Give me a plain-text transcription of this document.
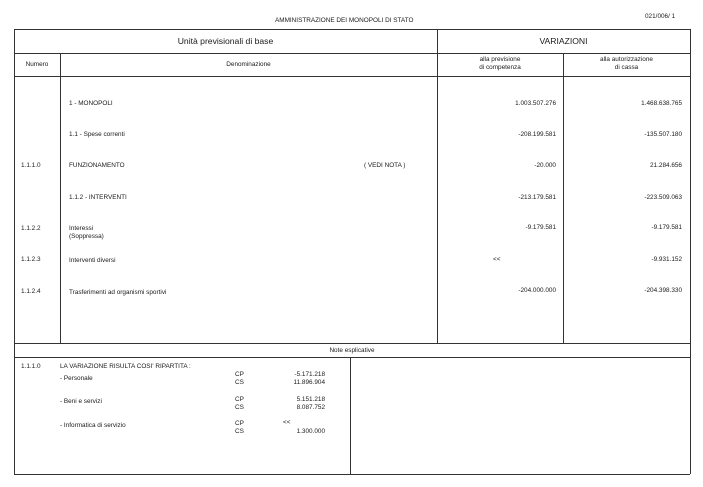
AMMINISTRAZIONE DEI MONOPOLI DI STATO
021/006/ 1
Unità previsionali di base	VARIAZIONI
Numero	Denominazione
alla previsione
di competenza
alla autorizzazione
di cassa
1 - MONOPOLI	1.003.507.276	1.468.638.765
1.1 - Spese correnti	-208.199.581	-135.507.180
1.1.1.0	FUNZIONAMENTO	( VEDI NOTA )	-20.000	21.284.656
1.1.2 - INTERVENTI	-213.179.581	-223.509.063
1.1.2.2	Interessi
(Soppressa)
-9.179.581	-9.179.581
1.1.2.3	Interventi diversi	<<	-9.931.152
1.1.2.4	Trasferimenti ad organismi sportivi	-204.000.000	-204.398.330
Note esplicative
1.1.1.0	LA VARIAZIONE RISULTA COSI' RIPARTITA :
- Personale
CP	-5.171.218
CS	11.896.904
- Beni e servizi	CP	5.151.218
CS	8.087.752
- Informatica di servizio	CP	<<
CS	1.300.000
